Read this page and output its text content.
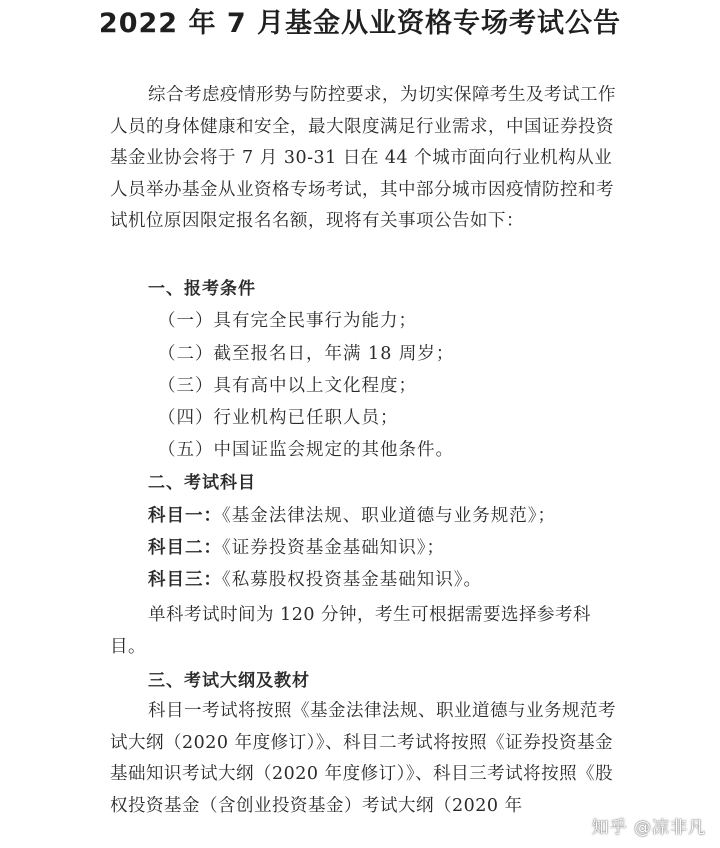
2022 年 7 月基金从业资格专场考试公告
综合考虑疫情形势与防控要求，为切实保障考生及考试工作人员的身体健康和安全，最大限度满足行业需求，中国证券投资基金业协会将于 7 月 30-31 日在 44 个城市面向行业机构从业人员举办基金从业资格专场考试，其中部分城市因疫情防控和考试机位原因限定报名名额，现将有关事项公告如下：
一、报考条件
（一）具有完全民事行为能力；
（二）截至报名日，年满 18 周岁；
（三）具有高中以上文化程度；
（四）行业机构已任职人员；
（五）中国证监会规定的其他条件。
二、考试科目
科目一：《基金法律法规、职业道德与业务规范》；
科目二：《证券投资基金基础知识》；
科目三：《私募股权投资基金基础知识》。
单科考试时间为 120 分钟，考生可根据需要选择参考科目。
三、考试大纲及教材
科目一考试将按照《基金法律法规、职业道德与业务规范考试大纲（2020 年度修订）》、科目二考试将按照《证券投资基金基础知识考试大纲（2020 年度修订）》、科目三考试将按照《股权投资基金（含创业投资基金）考试大纲（2020 年
知乎 @凉非凡
